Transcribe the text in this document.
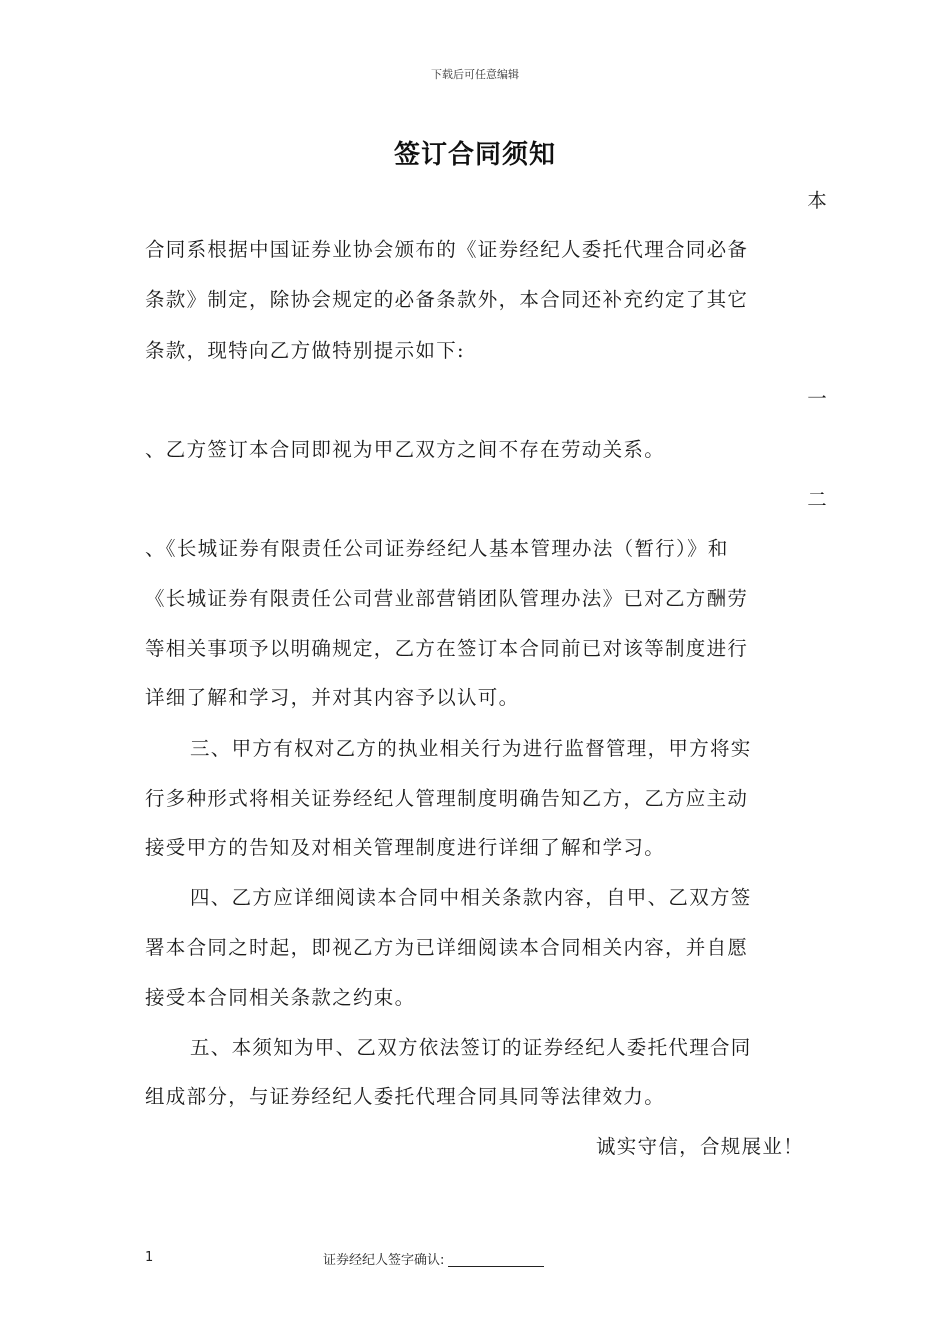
下载后可任意编辑
签订合同须知
本
合同系根据中国证券业协会颁布的《证券经纪人委托代理合同必备
条款》制定，除协会规定的必备条款外，本合同还补充约定了其它
条款，现特向乙方做特别提示如下:
一
、乙方签订本合同即视为甲乙双方之间不存在劳动关系。
二
、《长城证券有限责任公司证券经纪人基本管理办法（暂行）》和
《长城证券有限责任公司营业部营销团队管理办法》已对乙方酬劳
等相关事项予以明确规定，乙方在签订本合同前已对该等制度进行
详细了解和学习，并对其内容予以认可。
三、甲方有权对乙方的执业相关行为进行监督管理，甲方将实
行多种形式将相关证券经纪人管理制度明确告知乙方，乙方应主动
接受甲方的告知及对相关管理制度进行详细了解和学习。
四、乙方应详细阅读本合同中相关条款内容，自甲、乙双方签
署本合同之时起，即视乙方为已详细阅读本合同相关内容，并自愿
接受本合同相关条款之约束。
五、本须知为甲、乙双方依法签订的证券经纪人委托代理合同
组成部分，与证券经纪人委托代理合同具同等法律效力。
诚实守信，合规展业！
1	证券经纪人签字确认:
